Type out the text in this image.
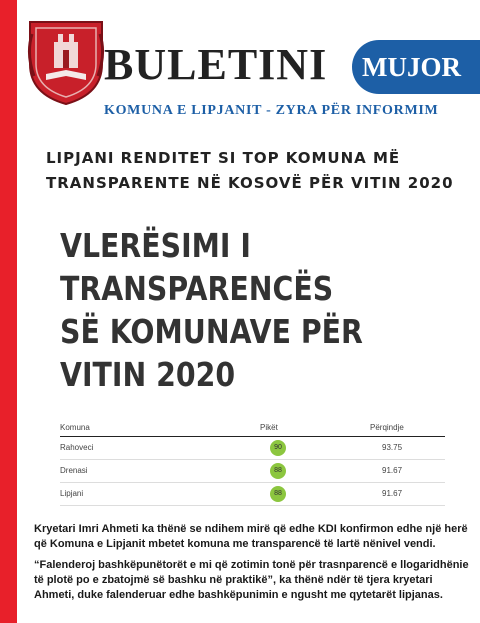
BULETINI	MUJOR
KOMUNA E LIPJANIT - ZYRA PËR INFORMIM
LIPJANI RENDITET SI TOP KOMUNA MË
TRANSPARENTE NË KOSOVË PËR VITIN 2020
VLERËSIMI I
TRANSPARENCËS
SË KOMUNAVE PËR
VITIN 2020
Komuna	Pikët	Përqindje
Rahoveci	90	93.75
Drenasi	88	91.67
Lipjani	88	91.67
Kryetari Imri Ahmeti ka thënë se ndihem mirë që edhe KDI konfirmon edhe një herë që Komuna e Lipjanit mbetet komuna me transparencë të lartë nënivel vendi.
“Falenderoj bashkëpunëtorët e mi që zotimin tonë për trasnparencë e llogaridhënie të plotë po e zbatojmë së bashku në praktikë”, ka thënë ndër të tjera kryetari Ahmeti, duke falenderuar edhe bashkëpunimin e ngusht me qytetarët lipjanas.
